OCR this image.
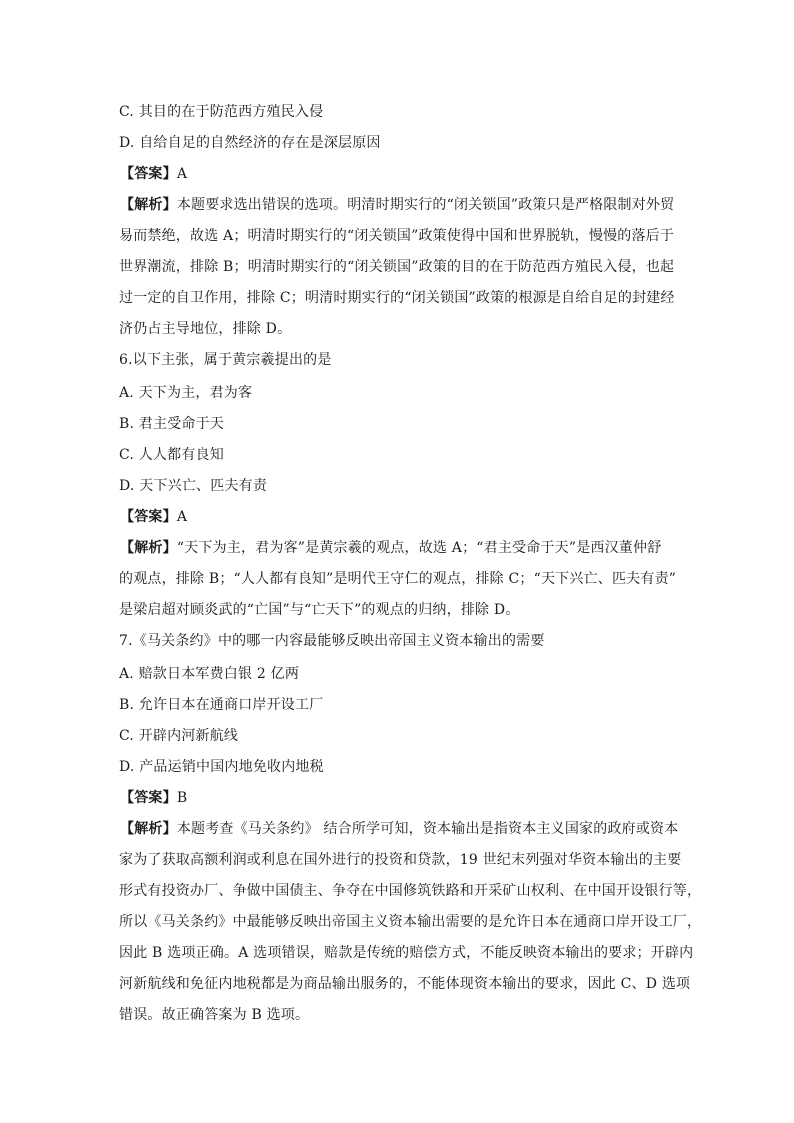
C. 其目的在于防范西方殖民入侵
D. 自给自足的自然经济的存在是深层原因
【答案】A
【解析】本题要求选出错误的选项。明清时期实行的“闭关锁国”政策只是严格限制对外贸
易而禁绝，故选 A；明清时期实行的“闭关锁国”政策使得中国和世界脱轨，慢慢的落后于
世界潮流，排除 B；明清时期实行的“闭关锁国”政策的目的在于防范西方殖民入侵，也起
过一定的自卫作用，排除 C；明清时期实行的“闭关锁国”政策的根源是自给自足的封建经
济仍占主导地位，排除 D。
6.以下主张，属于黄宗羲提出的是
A. 天下为主，君为客
B. 君主受命于天
C. 人人都有良知
D. 天下兴亡、匹夫有责
【答案】A
【解析】“天下为主，君为客”是黄宗羲的观点，故选 A；“君主受命于天”是西汉董仲舒
的观点，排除 B；“人人都有良知”是明代王守仁的观点，排除 C；“天下兴亡、匹夫有责”
是梁启超对顾炎武的“亡国”与“亡天下”的观点的归纳，排除 D。
7.《马关条约》中的哪一内容最能够反映出帝国主义资本输出的需要
A. 赔款日本军费白银 2 亿两
B. 允许日本在通商口岸开设工厂
C. 开辟内河新航线
D. 产品运销中国内地免收内地税
【答案】B
【解析】本题考查《马关条约》 结合所学可知，资本输出是指资本主义国家的政府或资本
家为了获取高额利润或利息在国外进行的投资和贷款，19 世纪末列强对华资本输出的主要
形式有投资办厂、争做中国债主、争夺在中国修筑铁路和开采矿山权利、在中国开设银行等，
所以《马关条约》中最能够反映出帝国主义资本输出需要的是允许日本在通商口岸开设工厂，
因此 B 选项正确。A 选项错误，赔款是传统的赔偿方式，不能反映资本输出的要求；开辟内
河新航线和免征内地税都是为商品输出服务的，不能体现资本输出的要求，因此 C、D 选项
错误。故正确答案为 B 选项。
